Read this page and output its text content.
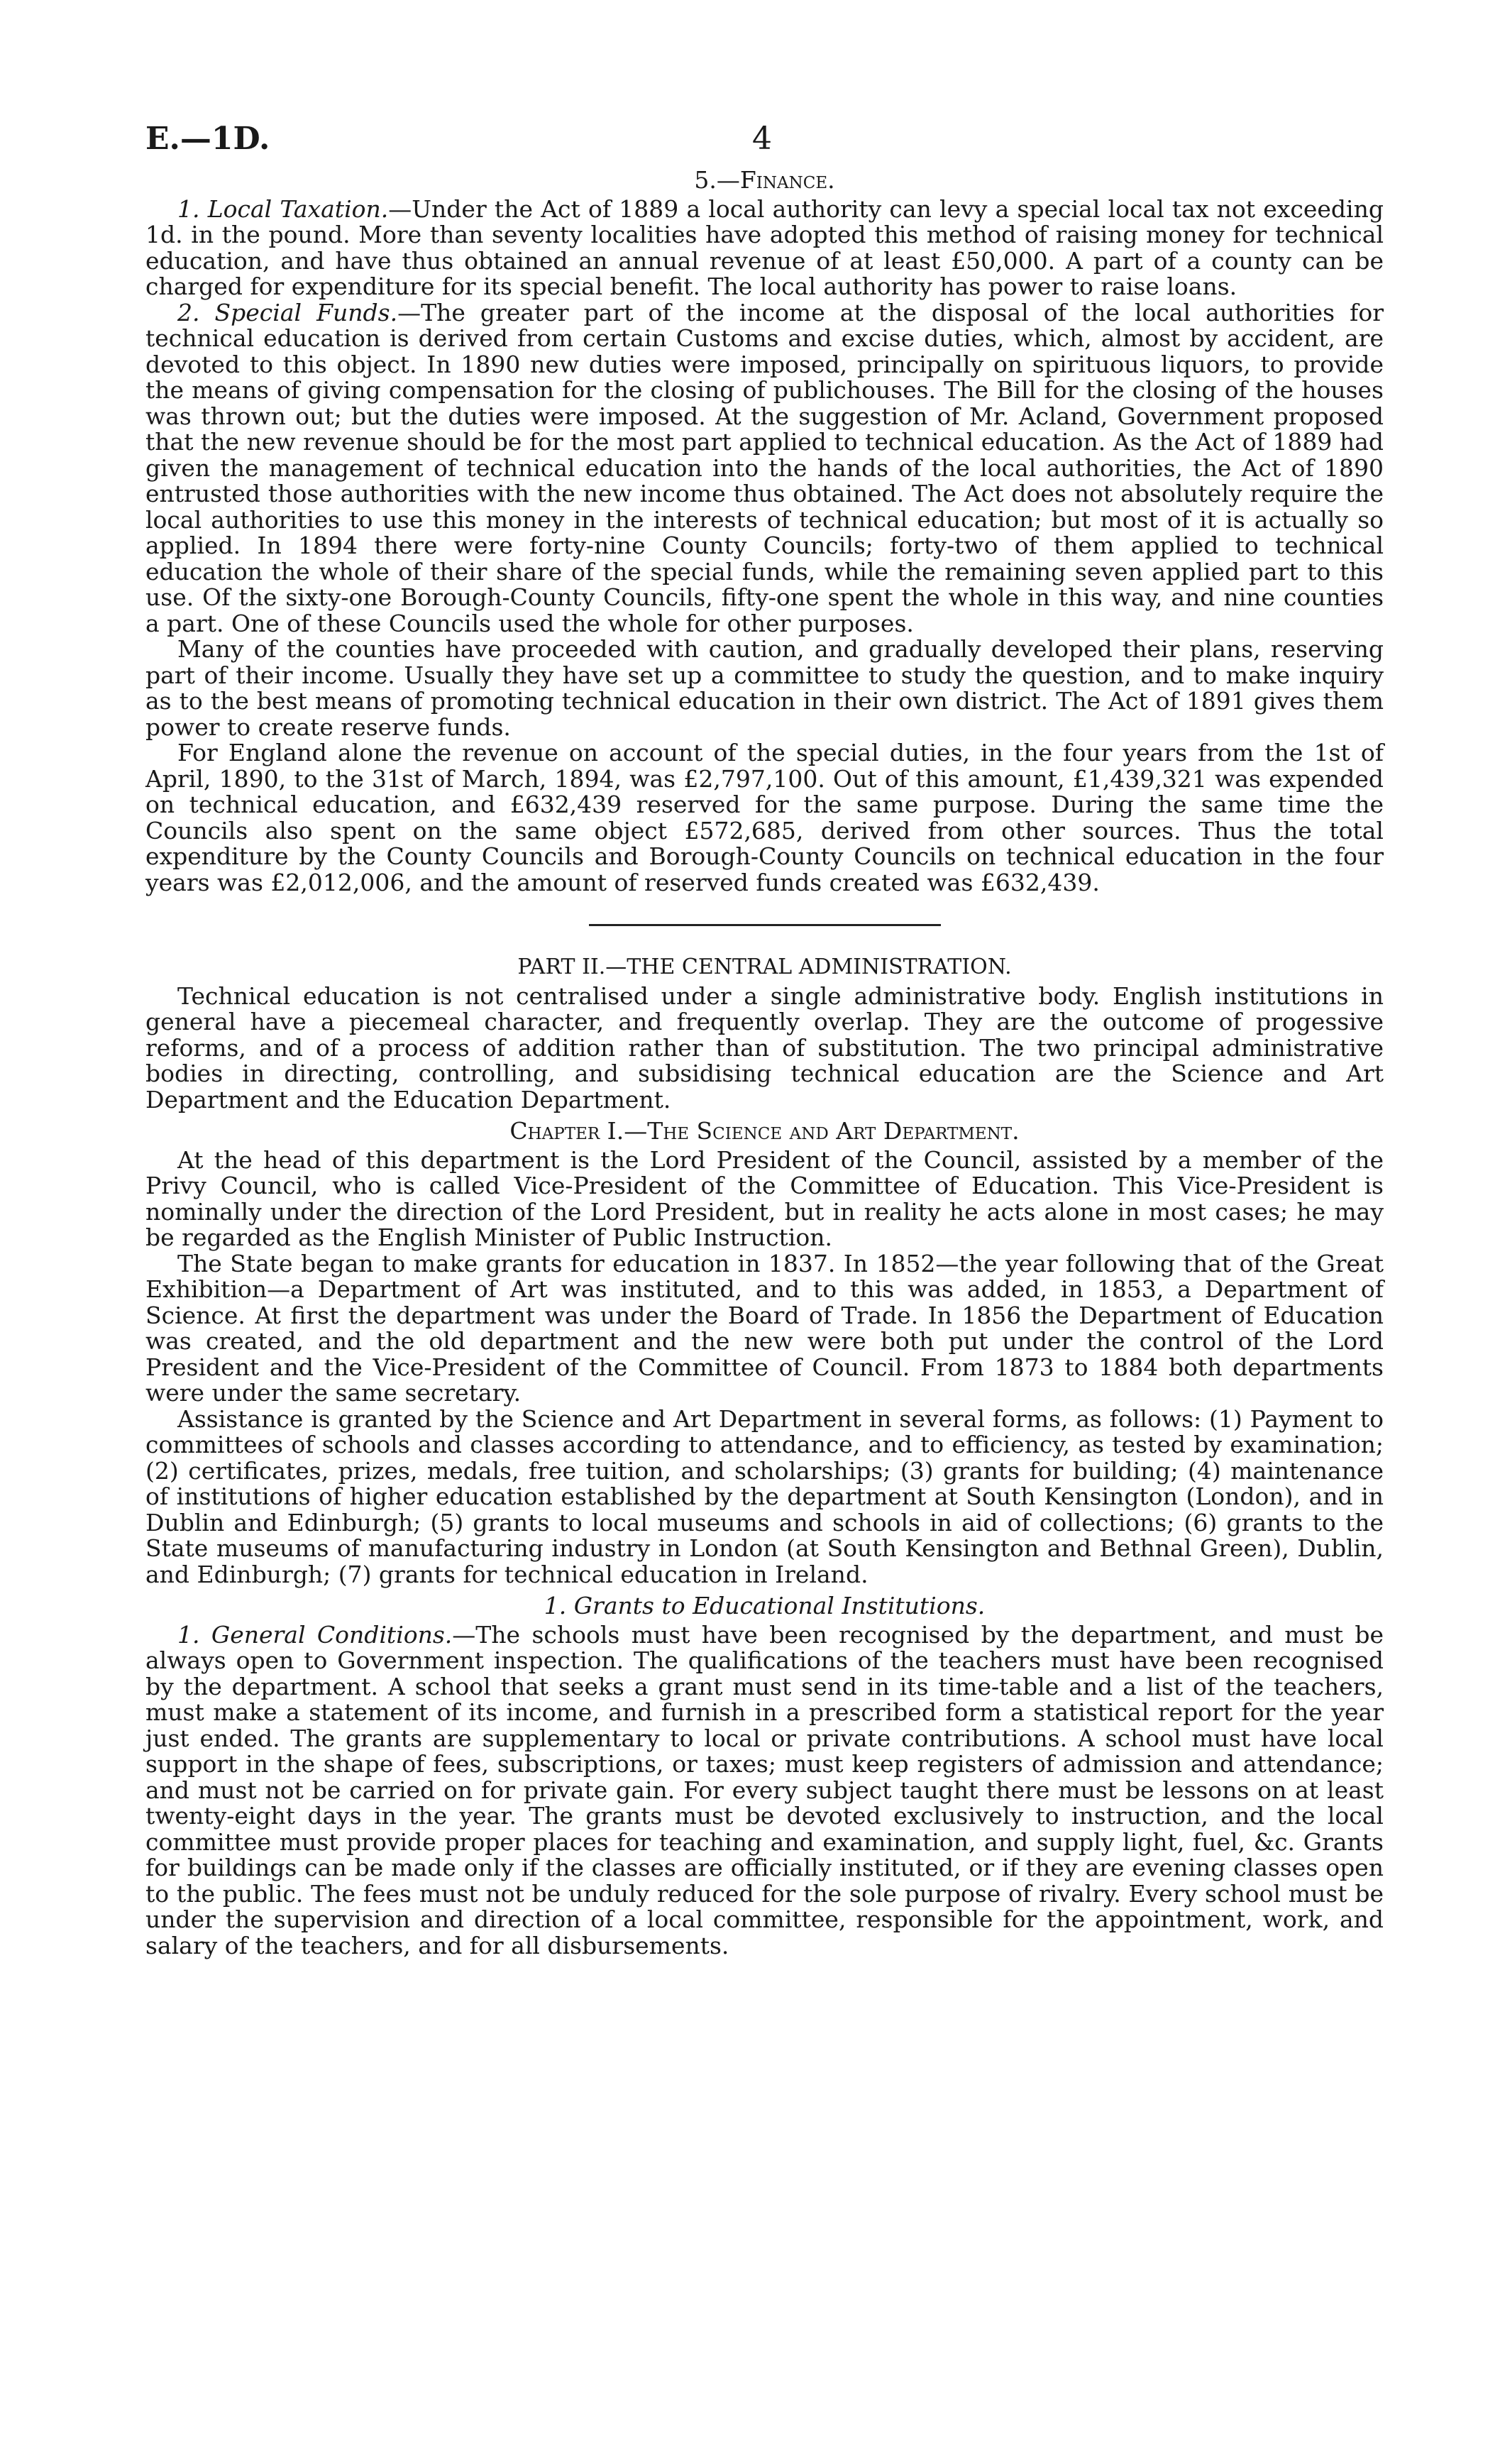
E.—1D.	4
5.—Finance.

1. Local Taxation.—Under the Act of 1889 a local authority can levy a special local tax not exceeding 1d. in the pound. More than seventy localities have adopted this method of raising money for technical education, and have thus obtained an annual revenue of at least £50,000. A part of a county can be charged for expenditure for its special benefit. The local authority has power to raise loans.

2. Special Funds.—The greater part of the income at the disposal of the local authorities for technical education is derived from certain Customs and excise duties, which, almost by accident, are devoted to this object. In 1890 new duties were imposed, principally on spirituous liquors, to provide the means of giving compensation for the closing of publichouses. The Bill for the closing of the houses was thrown out; but the duties were imposed. At the suggestion of Mr. Acland, Government proposed that the new revenue should be for the most part applied to technical education. As the Act of 1889 had given the management of technical education into the hands of the local authorities, the Act of 1890 entrusted those authorities with the new income thus obtained. The Act does not absolutely require the local authorities to use this money in the interests of technical education; but most of it is actually so applied. In 1894 there were forty-nine County Councils; forty-two of them applied to technical education the whole of their share of the special funds, while the remaining seven applied part to this use. Of the sixty-one Borough-County Councils, fifty-one spent the whole in this way, and nine counties a part. One of these Councils used the whole for other purposes.

Many of the counties have proceeded with caution, and gradually developed their plans, reserving part of their income. Usually they have set up a committee to study the question, and to make inquiry as to the best means of promoting technical education in their own district. The Act of 1891 gives them power to create reserve funds.

For England alone the revenue on account of the special duties, in the four years from the 1st of April, 1890, to the 31st of March, 1894, was £2,797,100. Out of this amount, £1,439,321 was expended on technical education, and £632,439 reserved for the same purpose. During the same time the Councils also spent on the same object £572,685, derived from other sources. Thus the total expenditure by the County Councils and Borough-County Councils on technical education in the four years was £2,012,006, and the amount of reserved funds created was £632,439.

PART II.—THE CENTRAL ADMINISTRATION.

Technical education is not centralised under a single administrative body. English institutions in general have a piecemeal character, and frequently overlap. They are the outcome of progessive reforms, and of a process of addition rather than of substitution. The two principal administrative bodies in directing, controlling, and subsidising technical education are the Science and Art Department and the Education Department.

Chapter I.—The Science and Art Department.

At the head of this department is the Lord President of the Council, assisted by a member of the Privy Council, who is called Vice-President of the Committee of Education. This Vice-President is nominally under the direction of the Lord President, but in reality he acts alone in most cases; he may be regarded as the English Minister of Public Instruction.

The State began to make grants for education in 1837. In 1852—the year following that of the Great Exhibition—a Department of Art was instituted, and to this was added, in 1853, a Department of Science. At first the department was under the Board of Trade. In 1856 the Department of Education was created, and the old department and the new were both put under the control of the Lord President and the Vice-President of the Committee of Council. From 1873 to 1884 both departments were under the same secretary.

Assistance is granted by the Science and Art Department in several forms, as follows: (1) Payment to committees of schools and classes according to attendance, and to efficiency, as tested by examination; (2) certificates, prizes, medals, free tuition, and scholarships; (3) grants for building; (4) maintenance of institutions of higher education established by the department at South Kensington (London), and in Dublin and Edinburgh; (5) grants to local museums and schools in aid of collections; (6) grants to the State museums of manufacturing industry in London (at South Kensington and Bethnal Green), Dublin, and Edinburgh; (7) grants for technical education in Ireland.

1. Grants to Educational Institutions.

1. General Conditions.—The schools must have been recognised by the department, and must be always open to Government inspection. The qualifications of the teachers must have been recognised by the department. A school that seeks a grant must send in its time-table and a list of the teachers, must make a statement of its income, and furnish in a prescribed form a statistical report for the year just ended. The grants are supplementary to local or private contributions. A school must have local support in the shape of fees, subscriptions, or taxes; must keep registers of admission and attendance; and must not be carried on for private gain. For every subject taught there must be lessons on at least twenty-eight days in the year. The grants must be devoted exclusively to instruction, and the local committee must provide proper places for teaching and examination, and supply light, fuel, &c. Grants for buildings can be made only if the classes are officially instituted, or if they are evening classes open to the public. The fees must not be unduly reduced for the sole purpose of rivalry. Every school must be under the supervision and direction of a local committee, responsible for the appointment, work, and salary of the teachers, and for all disbursements.
